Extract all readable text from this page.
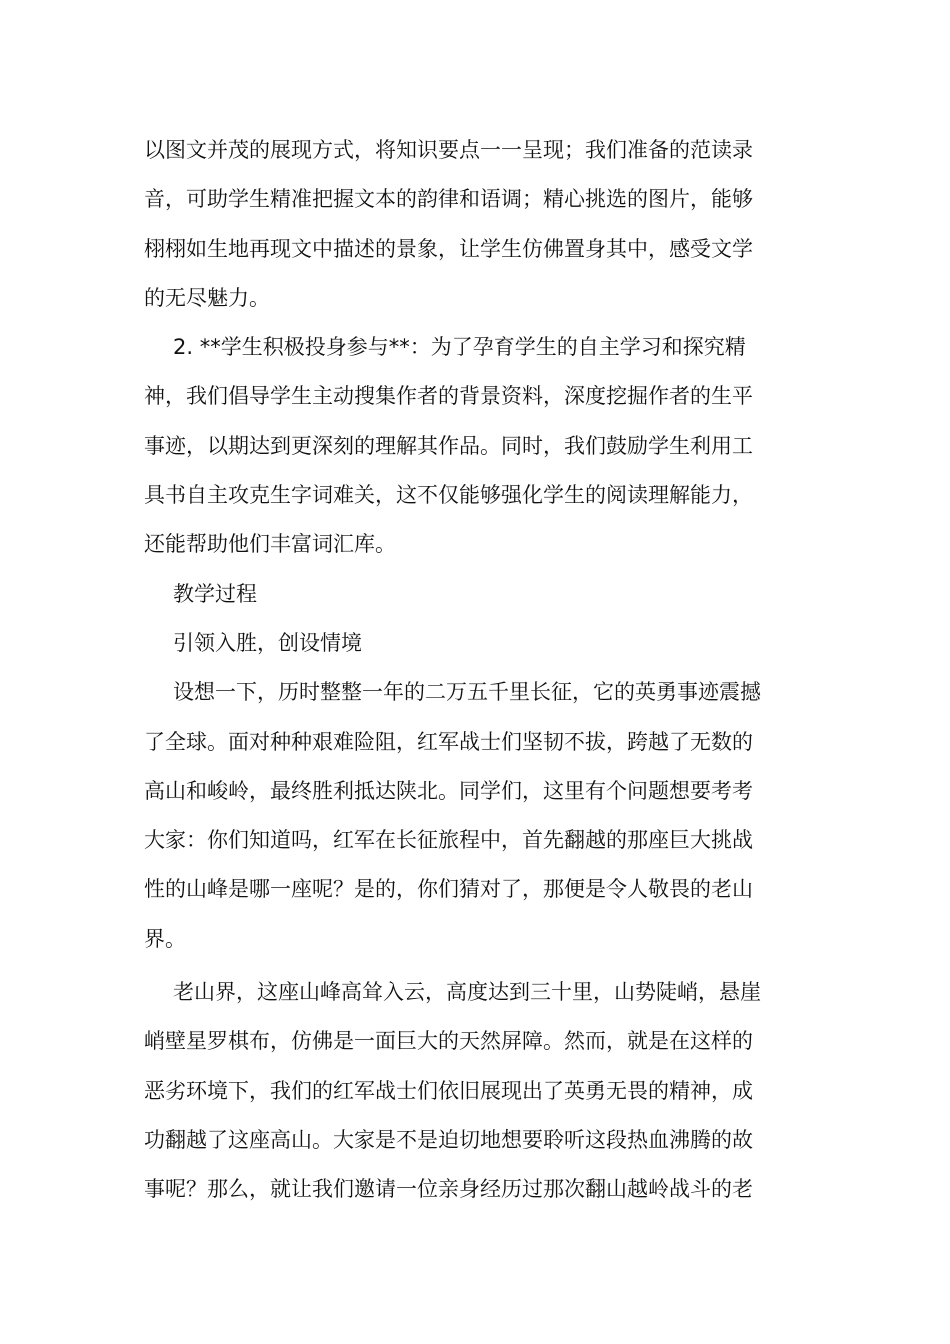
以图文并茂的展现方式，将知识要点一一呈现；我们准备的范读录
音，可助学生精准把握文本的韵律和语调；精心挑选的图片，能够
栩栩如生地再现文中描述的景象，让学生仿佛置身其中，感受文学
的无尽魅力。
2. **学生积极投身参与**：为了孕育学生的自主学习和探究精
神，我们倡导学生主动搜集作者的背景资料，深度挖掘作者的生平
事迹，以期达到更深刻的理解其作品。同时，我们鼓励学生利用工
具书自主攻克生字词难关，这不仅能够强化学生的阅读理解能力，
还能帮助他们丰富词汇库。
教学过程
引领入胜，创设情境
设想一下，历时整整一年的二万五千里长征，它的英勇事迹震撼
了全球。面对种种艰难险阻，红军战士们坚韧不拔，跨越了无数的
高山和峻岭，最终胜利抵达陕北。同学们，这里有个问题想要考考
大家：你们知道吗，红军在长征旅程中，首先翻越的那座巨大挑战
性的山峰是哪一座呢？是的，你们猜对了，那便是令人敬畏的老山
界。
老山界，这座山峰高耸入云，高度达到三十里，山势陡峭，悬崖
峭壁星罗棋布，仿佛是一面巨大的天然屏障。然而，就是在这样的
恶劣环境下，我们的红军战士们依旧展现出了英勇无畏的精神，成
功翻越了这座高山。大家是不是迫切地想要聆听这段热血沸腾的故
事呢？那么，就让我们邀请一位亲身经历过那次翻山越岭战斗的老
